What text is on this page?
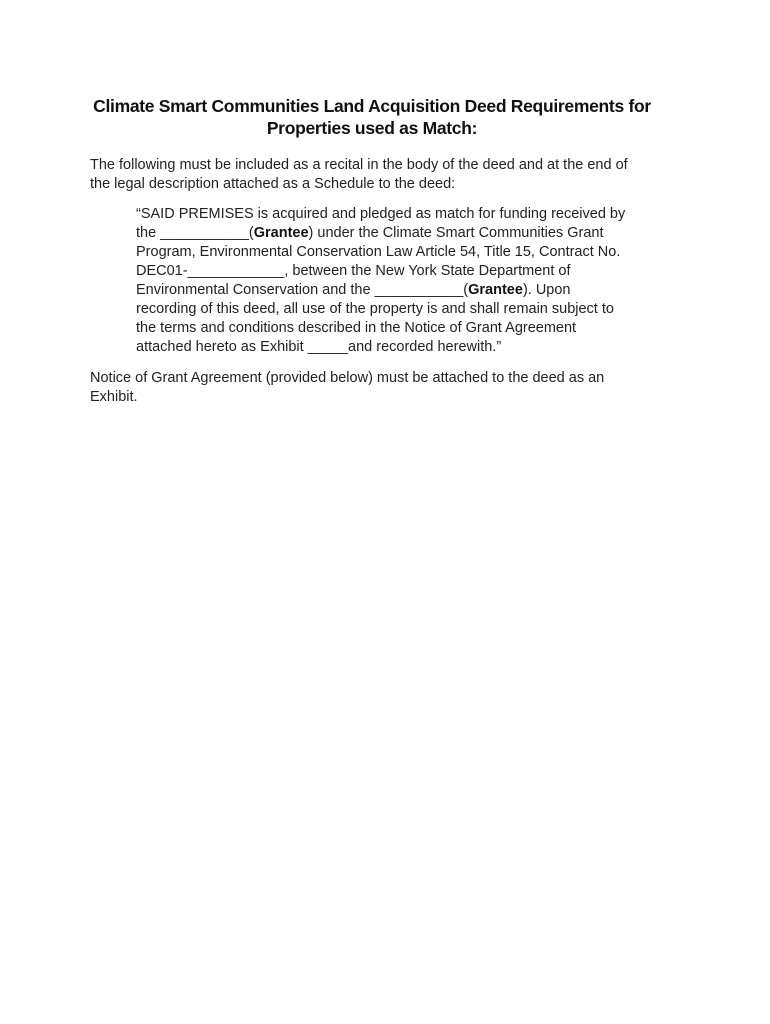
Climate Smart Communities Land Acquisition Deed Requirements for
Properties used as Match:
The following must be included as a recital in the body of the deed and at the end of
the legal description attached as a Schedule to the deed:
“SAID PREMISES is acquired and pledged as match for funding received by
the ___________(Grantee) under the Climate Smart Communities Grant
Program, Environmental Conservation Law Article 54, Title 15, Contract No.
DEC01-____________, between the New York State Department of
Environmental Conservation and the ___________(Grantee). Upon
recording of this deed, all use of the property is and shall remain subject to
the terms and conditions described in the Notice of Grant Agreement
attached hereto as Exhibit _____and recorded herewith.”
Notice of Grant Agreement (provided below) must be attached to the deed as an
Exhibit.
